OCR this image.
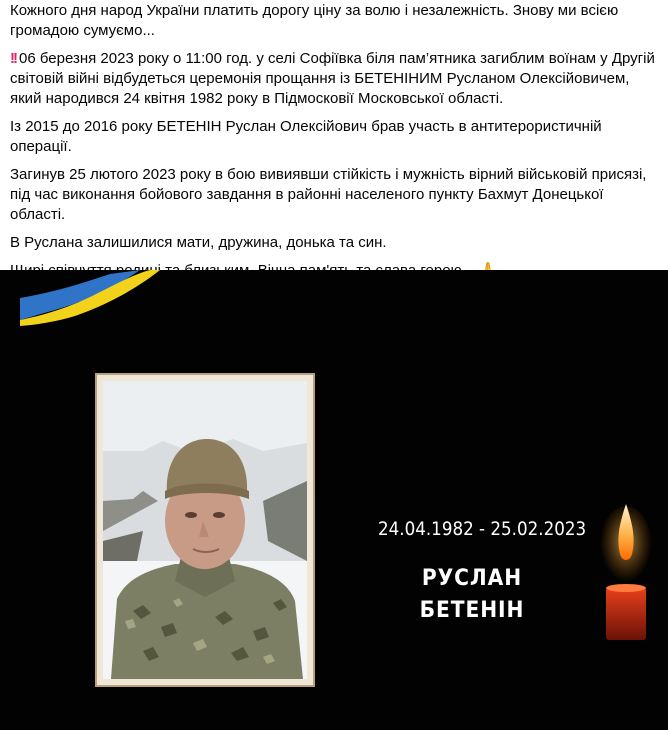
Кожного дня народ України платить дорогу ціну за волю і незалежність. Знову ми всією громадою сумуємо...

!! 06 березня 2023 року о 11:00 год. у селі Софіївка біля пам’ятника загиблим воїнам у Другій світовій війні відбудеться церемонія прощання із БЕТЕНІНИМ Русланом Олексійовичем, який народився 24 квітня 1982 року в Підмосковії Московської області.

Із 2015 до 2016 року БЕТЕНІН Руслан Олексійович брав участь в антитерористичній операції.

Загинув 25 лютого 2023 року в бою вивиявши стійкість і мужність вірний військовій присязі, під час виконання бойового завдання в районні населеного пункту Бахмут Донецької області.

В Руслана залишилися мати, дружина, донька та син.

24.04.1982 - 25.02.2023
РУСЛАН
БЕТЕНІН
